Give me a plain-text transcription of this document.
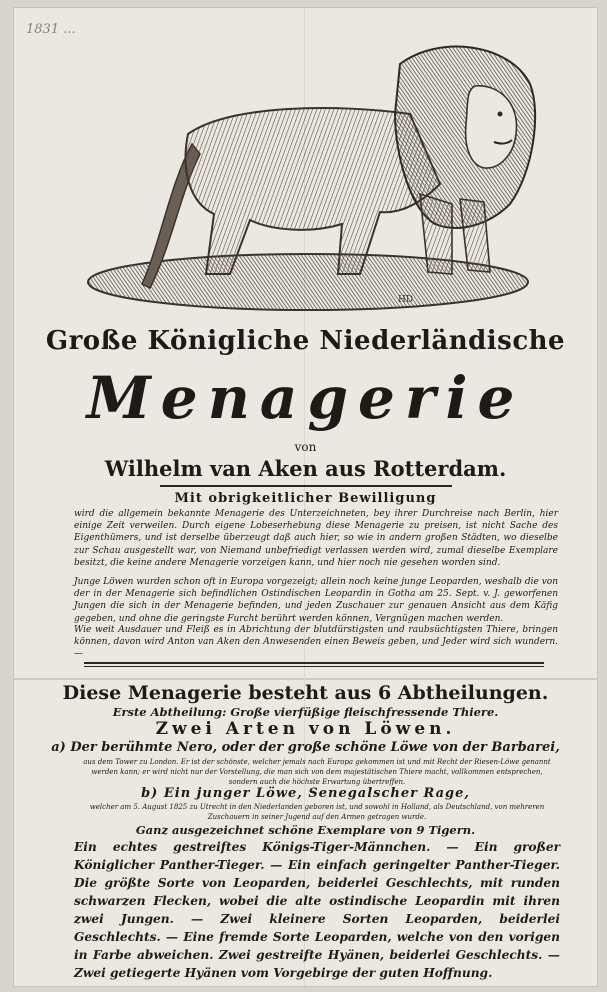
1831 ...
HD
Große Königliche Niederländische
Menagerie
von
Wilhelm van Aken aus Rotterdam.
Mit obrigkeitlicher Bewilligung
wird die allgemein bekannte Menagerie des Unterzeichneten, bey ihrer Durchreise nach Berlin, hier einige Zeit verweilen. Durch eigene Lobeserhebung diese Menagerie zu preisen, ist nicht Sache des Eigenthümers, und ist derselbe überzeugt daß auch hier, so wie in andern großen Städten, wo dieselbe zur Schau ausgestellt war, von Niemand unbefriedigt verlassen werden wird, zumal dieselbe Exemplare besitzt, die keine andere Menagerie vorzeigen kann, und hier noch nie gesehen worden sind.
Junge Löwen wurden schon oft in Europa vorgezeigt; allein noch keine junge Leoparden, weshalb die von der in der Menagerie sich befindlichen Ostindischen Leopardin in Gotha am 25. Sept. v. J. geworfenen Jungen die sich in der Menagerie befinden, und jeden Zuschauer zur genauen Ansicht aus dem Käfig gegeben, und ohne die geringste Furcht berührt werden können, Vergnügen machen werden.
Wie weit Ausdauer und Fleiß es in Abrichtung der blutdürstigsten und raubsüchtigsten Thiere, bringen können, davon wird Anton van Aken den Anwesenden einen Beweis geben, und Jeder wird sich wundern. —
Diese Menagerie besteht aus 6 Abtheilungen.
Erste Abtheilung: Große vierfüßige fleischfressende Thiere.
Zwei Arten von Löwen.
a) Der berühmte Nero, oder der große schöne Löwe von der Barbarei,
aus dem Tower zu London. Er ist der schönste, welcher jemals nach Europa gekommen ist und mit Recht der Riesen-Löwe genannt werden kann; er wird nicht nur der Vorstellung, die man sich von dem majestätischen Thiere macht, vollkommen entsprechen, sondern auch die höchste Erwartung übertreffen.
b) Ein junger Löwe, Senegalscher Rage,
welcher am 5. August 1825 zu Utrecht in den Niederlanden geboren ist, und sowohl in Holland, als Deutschland, von mehreren Zuschauern in seiner Jugend auf den Armen getragen wurde.
Ganz ausgezeichnet schöne Exemplare von 9 Tigern.
Ein echtes gestreiftes Königs-Tiger-Männchen. — Ein großer Königlicher Panther-Tieger. — Ein einfach geringelter Panther-Tieger. Die größte Sorte von Leoparden, beiderlei Geschlechts, mit runden schwarzen Flecken, wobei die alte ostindische Leopardin mit ihren zwei Jungen. — Zwei kleinere Sorten Leoparden, beiderlei Geschlechts. — Eine fremde Sorte Leoparden, welche von den vorigen in Farbe abweichen. Zwei gestreifte Hyänen, beiderlei Geschlechts. — Zwei getiegerte Hyänen vom Vorgebirge der guten Hoffnung.
